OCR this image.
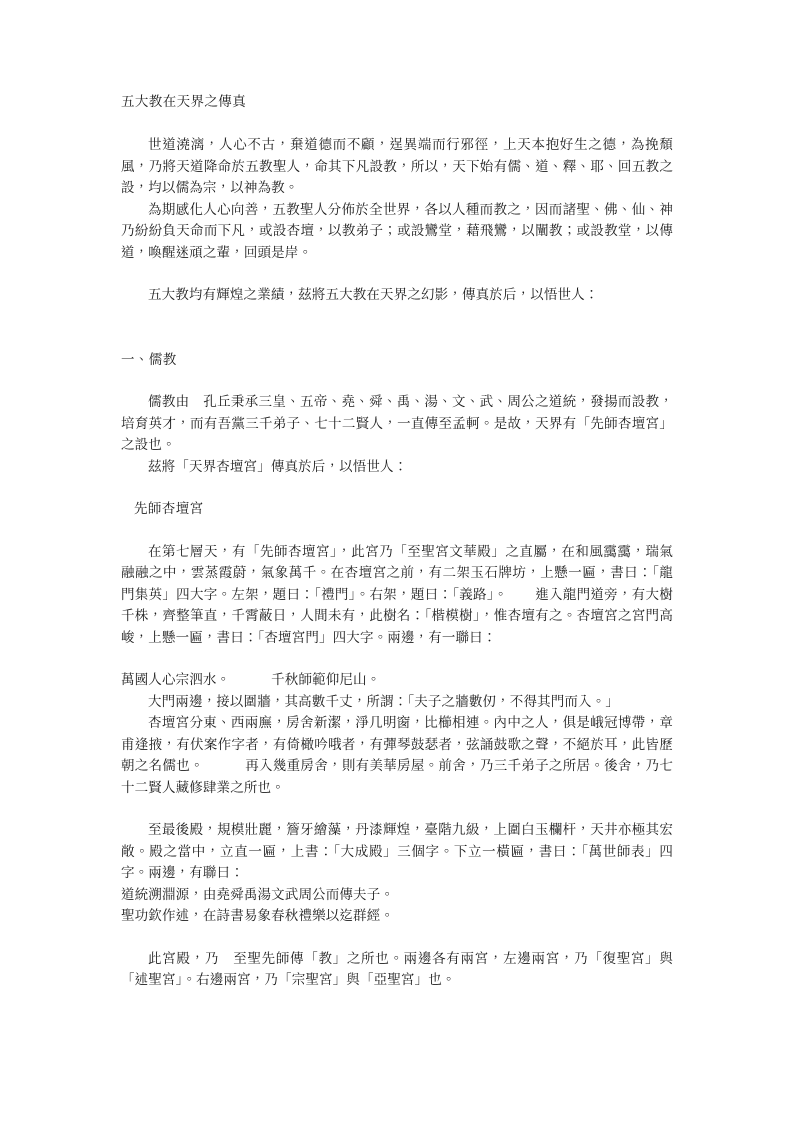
五大教在天界之傳真

世道澆漓，人心不古，棄道德而不顧，逞異端而行邪徑，上天本抱好生之德，為挽頹風，乃將天道降命於五教聖人，命其下凡設教，所以，天下始有儒、道、釋、耶、回五教之設，均以儒為宗，以神為教。

為期感化人心向善，五教聖人分佈於全世界，各以人種而教之，因而諸聖、佛、仙、神乃紛紛負天命而下凡，或設杏壇，以教弟子；或設鸞堂，藉飛鸞，以闡教；或設教堂，以傳道，喚醒迷頑之輩，回頭是岸。

五大教均有輝煌之業績，茲將五大教在天界之幻影，傳真於后，以悟世人：

一、儒教

儒教由　孔丘秉承三皇、五帝、堯、舜、禹、湯、文、武、周公之道統，發揚而設教，培育英才，而有吾黨三千弟子、七十二賢人，一直傳至孟軻。是故，天界有「先師杏壇宮」之設也。

茲將「天界杏壇宮」傳真於后，以悟世人：

先師杏壇宮

在第七層天，有「先師杏壇宮」，此宮乃「至聖宮文華殿」之直屬，在和風靄靄，瑞氣融融之中，雲蒸霞蔚，氣象萬千。在杏壇宮之前，有二架玉石牌坊，上懸一匾，書曰：「龍門集英」四大字。左架，題曰：「禮門」。右架，題曰：「義路」。　　進入龍門道旁，有大樹千株，齊整筆直，千霄蔽日，人間未有，此樹名：「楷模樹」，惟杏壇有之。杏壇宮之宮門高峻，上懸一匾，書曰：「杏壇宮門」四大字。兩邊，有一聯曰：

萬國人心宗泗水。　　　千秋師範仰尼山。

大門兩邊，接以圍牆，其高數千丈，所謂：「夫子之牆數仞，不得其門而入。」

杏壇宮分東、西兩廡，房舍新潔，淨几明窗，比櫛相連。內中之人，俱是峨冠博帶，章甫逢掖，有伏案作字者，有倚橄吟哦者，有彈琴鼓瑟者，弦誦鼓歌之聲，不絕於耳，此皆歷朝之名儒也。　　　再入幾重房舍，則有美華房屋。前舍，乃三千弟子之所居。後舍，乃七十二賢人藏修肆業之所也。

至最後殿，規模壯麗，簷牙繪藻，丹漆輝煌，臺階九級，上圍白玉欄杆，天井亦極其宏敞。殿之當中，立直一匾，上書：「大成殿」三個字。下立一橫匾，書曰：「萬世師表」四字。兩邊，有聯曰：

道統溯淵源，由堯舜禹湯文武周公而傳夫子。

聖功欽作述，在詩書易象春秋禮樂以迄群經。

此宮殿，乃　至聖先師傳「教」之所也。兩邊各有兩宮，左邊兩宮，乃「復聖宮」與「述聖宮」。右邊兩宮，乃「宗聖宮」與「亞聖宮」也。
